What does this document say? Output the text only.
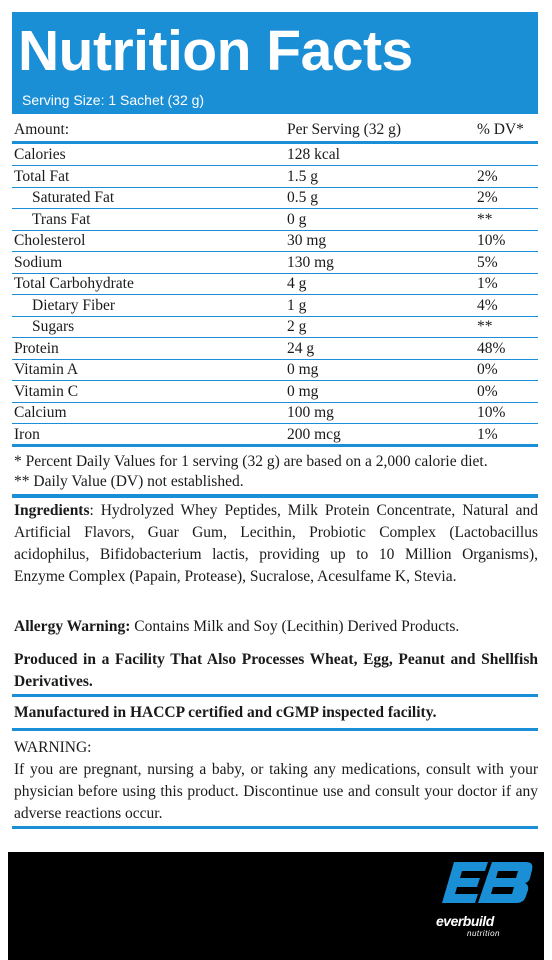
Nutrition Facts
Serving Size: 1 Sachet (32 g)
Amount:	Per Serving (32 g)	% DV*
Calories	128 kcal
Total Fat	1.5 g	2%
Saturated Fat	0.5 g	2%
Trans Fat	0 g	**
Cholesterol	30 mg	10%
Sodium	130 mg	5%
Total Carbohydrate	4 g	1%
Dietary Fiber	1 g	4%
Sugars	2 g	**
Protein	24 g	48%
Vitamin A	0 mg	0%
Vitamin C	0 mg	0%
Calcium	100 mg	10%
Iron	200 mcg	1%
* Percent Daily Values for 1 serving (32 g) are based on a 2,000 calorie diet.
** Daily Value (DV) not established.
Ingredients: Hydrolyzed Whey Peptides, Milk Protein Concentrate, Natural and Artificial Flavors, Guar Gum, Lecithin, Probiotic Complex (Lactobacillus acidophilus, Bifidobacterium lactis, providing up to 10 Million Organisms), Enzyme Complex (Papain, Protease), Sucralose, Acesulfame K, Stevia.
Allergy Warning: Contains Milk and Soy (Lecithin) Derived Products.
Produced in a Facility That Also Processes Wheat, Egg, Peanut and Shellfish Derivatives.
Manufactured in HACCP certified and cGMP inspected facility.
WARNING:
If you are pregnant, nursing a baby, or taking any medications, consult with your physician before using this product. Discontinue use and consult your doctor if any adverse reactions occur.
everbuild
nutrition
